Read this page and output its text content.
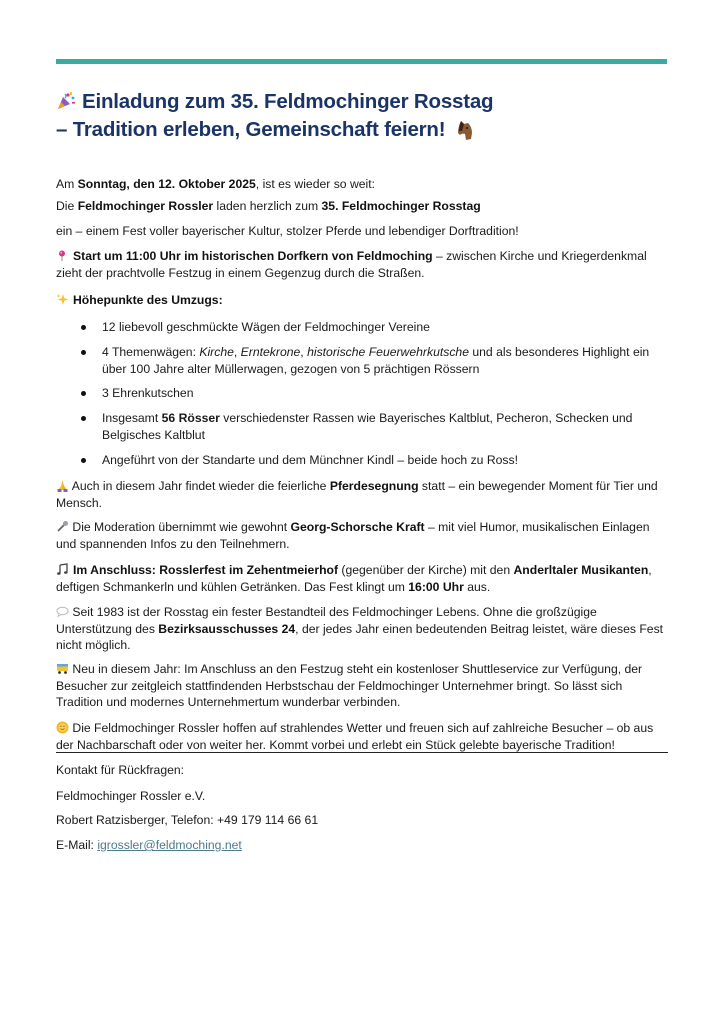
Einladung zum 35. Feldmochinger Rosstag
– Tradition erleben, Gemeinschaft feiern!
Am Sonntag, den 12. Oktober 2025, ist es wieder so weit:
Die Feldmochinger Rossler laden herzlich zum 35. Feldmochinger Rosstag
ein – einem Fest voller bayerischer Kultur, stolzer Pferde und lebendiger Dorftradition!
Start um 11:00 Uhr im historischen Dorfkern von Feldmoching – zwischen Kirche und Kriegerdenkmal zieht der prachtvolle Festzug in einem Gegenzug durch die Straßen.
Höhepunkte des Umzugs:
12 liebevoll geschmückte Wägen der Feldmochinger Vereine
4 Themenwägen: Kirche, Erntekrone, historische Feuerwehrkutsche und als besonderes Highlight ein über 100 Jahre alter Müllerwagen, gezogen von 5 prächtigen Rössern
3 Ehrenkutschen
Insgesamt 56 Rösser verschiedenster Rassen wie Bayerisches Kaltblut, Pecheron, Schecken und Belgisches Kaltblut
Angeführt von der Standarte und dem Münchner Kindl – beide hoch zu Ross!
Auch in diesem Jahr findet wieder die feierliche Pferdesegnung statt – ein bewegender Moment für Tier und Mensch.
Die Moderation übernimmt wie gewohnt Georg-Schorsche Kraft – mit viel Humor, musikalischen Einlagen und spannenden Infos zu den Teilnehmern.
Im Anschluss: Rosslerfest im Zehentmeierhof (gegenüber der Kirche) mit den Anderltaler Musikanten, deftigen Schmankerln und kühlen Getränken. Das Fest klingt um 16:00 Uhr aus.
Seit 1983 ist der Rosstag ein fester Bestandteil des Feldmochinger Lebens. Ohne die großzügige Unterstützung des Bezirksausschusses 24, der jedes Jahr einen bedeutenden Beitrag leistet, wäre dieses Fest nicht möglich.
Neu in diesem Jahr: Im Anschluss an den Festzug steht ein kostenloser Shuttleservice zur Verfügung, der Besucher zur zeitgleich stattfindenden Herbstschau der Feldmochinger Unternehmer bringt. So lässt sich Tradition und modernes Unternehmertum wunderbar verbinden.
Die Feldmochinger Rossler hoffen auf strahlendes Wetter und freuen sich auf zahlreiche Besucher – ob aus der Nachbarschaft oder von weiter her. Kommt vorbei und erlebt ein Stück gelebte bayerische Tradition!
Kontakt für Rückfragen:
Feldmochinger Rossler e.V.
Robert Ratzisberger, Telefon: +49 179 114 66 61
E-Mail: igrossler@feldmoching.net
